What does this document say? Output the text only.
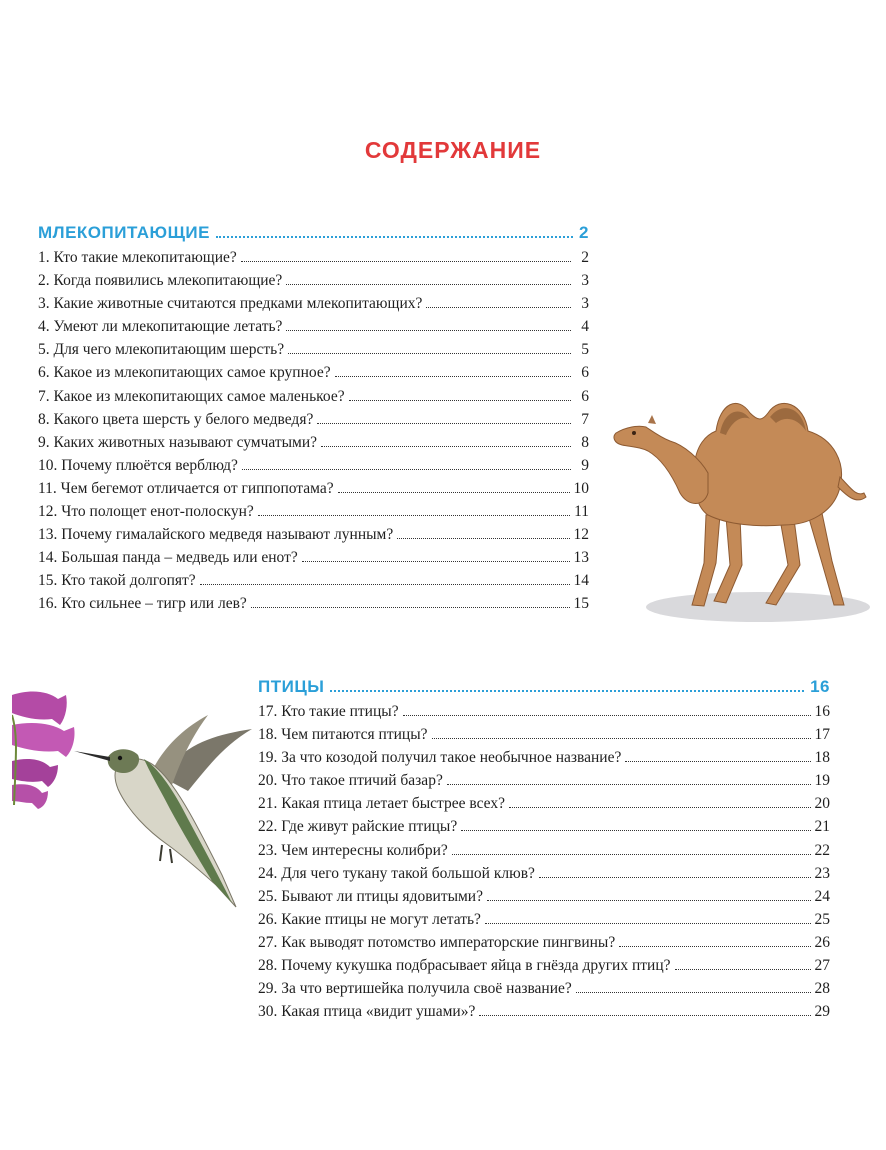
СОДЕРЖАНИЕ
МЛЕКОПИТАЮЩИЕ	2
1. Кто такие млекопитающие?	2
2. Когда появились млекопитающие?	3
3. Какие животные считаются предками млекопитающих?	3
4. Умеют ли млекопитающие летать?	4
5. Для чего млекопитающим шерсть?	5
6. Какое из млекопитающих самое крупное?	6
7. Какое из млекопитающих самое маленькое?	6
8. Какого цвета шерсть у белого медведя?	7
9. Каких животных называют сумчатыми?	8
10. Почему плюётся верблюд?	9
11. Чем бегемот отличается от гиппопотама?	10
12. Что полощет енот-полоскун?	11
13. Почему гималайского медведя называют лунным?	12
14. Большая панда – медведь или енот?	13
15. Кто такой долгопят?	14
16. Кто сильнее – тигр или лев?	15
ПТИЦЫ	16
17. Кто такие птицы?	16
18. Чем питаются птицы?	17
19. За что козодой получил такое необычное название?	18
20. Что такое птичий базар?	19
21. Какая птица летает быстрее всех?	20
22. Где живут райские птицы?	21
23. Чем интересны колибри?	22
24. Для чего тукану такой большой клюв?	23
25. Бывают ли птицы ядовитыми?	24
26. Какие птицы не могут летать?	25
27. Как выводят потомство императорские пингвины?	26
28. Почему кукушка подбрасывает яйца в гнёзда других птиц?	27
29. За что вертишейка получила своё название?	28
30. Какая птица «видит ушами»?	29
